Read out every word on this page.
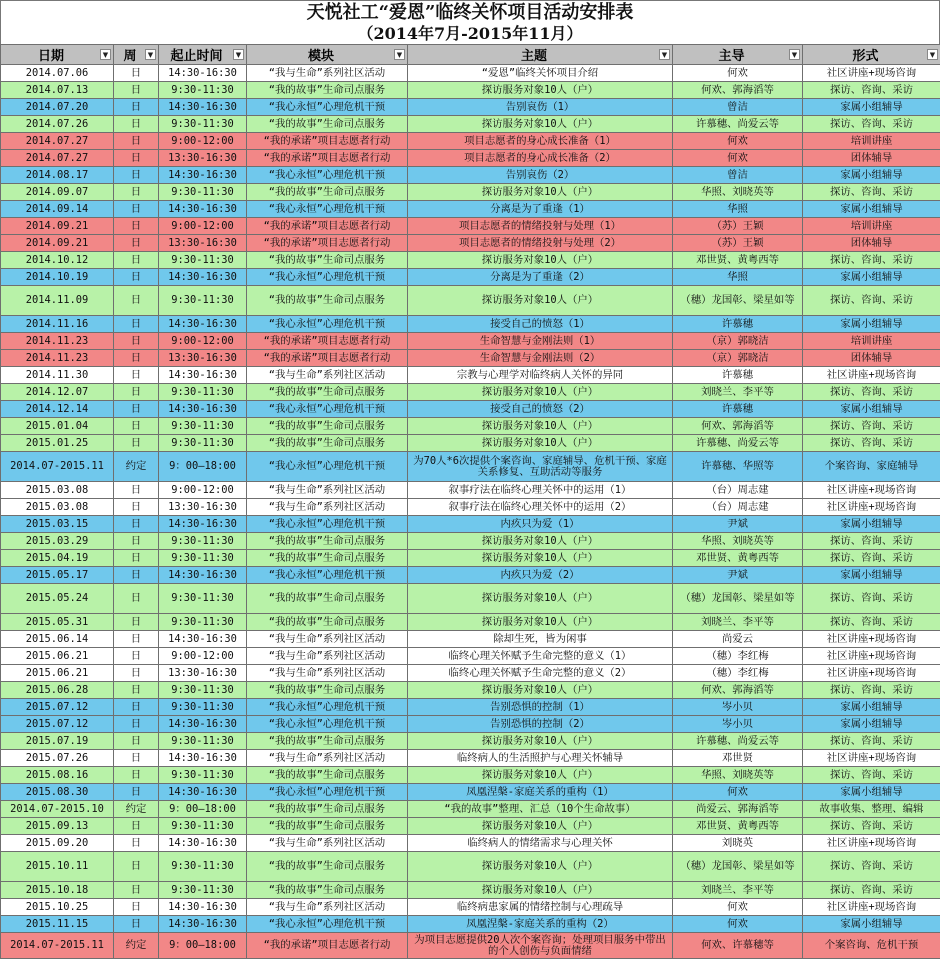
天悦社工“爱恩”临终关怀项目活动安排表
（2014年7月-2015年11月）
日期 ▼	周 ▼	起止时间 ▼	模块 ▼	主题 ▼	主导 ▼	形式 ▼

2014.07.06	日	14:30-16:30	“我与生命”系列社区活动	“爱恩”临终关怀项目介绍	何欢	社区讲座+现场咨询
2014.07.13	日	9:30-11:30	“我的故事”生命司点服务	探访服务对象10人（户）	何欢、郭海滔等	探访、咨询、采访
2014.07.20	日	14:30-16:30	“我心永恒”心理危机干预	告别哀伤（1）	曾洁	家属小组辅导
2014.07.26	日	9:30-11:30	“我的故事”生命司点服务	探访服务对象10人（户）	许慕穗、尚爱云等	探访、咨询、采访
2014.07.27	日	9:00-12:00	“我的承诺”项目志愿者行动	项目志愿者的身心成长准备（1）	何欢	培训讲座
2014.07.27	日	13:30-16:30	“我的承诺”项目志愿者行动	项目志愿者的身心成长准备（2）	何欢	团体辅导
2014.08.17	日	14:30-16:30	“我心永恒”心理危机干预	告别哀伤（2）	曾洁	家属小组辅导
2014.09.07	日	9:30-11:30	“我的故事”生命司点服务	探访服务对象10人（户）	华照、刘晓英等	探访、咨询、采访
2014.09.14	日	14:30-16:30	“我心永恒”心理危机干预	分离是为了重逢（1）	华照	家属小组辅导
2014.09.21	日	9:00-12:00	“我的承诺”项目志愿者行动	项目志愿者的情绪投射与处理（1）	（苏）王颖	培训讲座
2014.09.21	日	13:30-16:30	“我的承诺”项目志愿者行动	项目志愿者的情绪投射与处理（2）	（苏）王颖	团体辅导
2014.10.12	日	9:30-11:30	“我的故事”生命司点服务	探访服务对象10人（户）	邓世贤、黄粤西等	探访、咨询、采访
2014.10.19	日	14:30-16:30	“我心永恒”心理危机干预	分离是为了重逢（2）	华照	家属小组辅导
2014.11.09	日	9:30-11:30	“我的故事”生命司点服务	探访服务对象10人（户）	（穗）龙国彰、梁星如等	探访、咨询、采访
2014.11.16	日	14:30-16:30	“我心永恒”心理危机干预	接受自己的愤怒（1）	许慕穗	家属小组辅导
2014.11.23	日	9:00-12:00	“我的承诺”项目志愿者行动	生命智慧与金刚法则（1）	（京）郭晓洁	培训讲座
2014.11.23	日	13:30-16:30	“我的承诺”项目志愿者行动	生命智慧与金刚法则（2）	（京）郭晓洁	团体辅导
2014.11.30	日	14:30-16:30	“我与生命”系列社区活动	宗教与心理学对临终病人关怀的异同	许慕穗	社区讲座+现场咨询
2014.12.07	日	9:30-11:30	“我的故事”生命司点服务	探访服务对象10人（户）	刘晓兰、李平等	探访、咨询、采访
2014.12.14	日	14:30-16:30	“我心永恒”心理危机干预	接受自己的愤怒（2）	许慕穗	家属小组辅导
2015.01.04	日	9:30-11:30	“我的故事”生命司点服务	探访服务对象10人（户）	何欢、郭海滔等	探访、咨询、采访
2015.01.25	日	9:30-11:30	“我的故事”生命司点服务	探访服务对象10人（户）	许慕穗、尚爱云等	探访、咨询、采访
2014.07-2015.11	约定	9：00—18:00	“我心永恒”心理危机干预	为70人*6次提供个案咨询、家庭辅导、危机干预、家庭关系修复、互助活动等服务	许慕穗、华照等	个案咨询、家庭辅导
2015.03.08	日	9:00-12:00	“我与生命”系列社区活动	叙事疗法在临终心理关怀中的运用（1）	（台）周志建	社区讲座+现场咨询
2015.03.08	日	13:30-16:30	“我与生命”系列社区活动	叙事疗法在临终心理关怀中的运用（2）	（台）周志建	社区讲座+现场咨询
2015.03.15	日	14:30-16:30	“我心永恒”心理危机干预	内疚只为爱（1）	尹斌	家属小组辅导
2015.03.29	日	9:30-11:30	“我的故事”生命司点服务	探访服务对象10人（户）	华照、刘晓英等	探访、咨询、采访
2015.04.19	日	9:30-11:30	“我的故事”生命司点服务	探访服务对象10人（户）	邓世贤、黄粤西等	探访、咨询、采访
2015.05.17	日	14:30-16:30	“我心永恒”心理危机干预	内疚只为爱（2）	尹斌	家属小组辅导
2015.05.24	日	9:30-11:30	“我的故事”生命司点服务	探访服务对象10人（户）	（穗）龙国彰、梁星如等	探访、咨询、采访
2015.05.31	日	9:30-11:30	“我的故事”生命司点服务	探访服务对象10人（户）	刘晓兰、李平等	探访、咨询、采访
2015.06.14	日	14:30-16:30	“我与生命”系列社区活动	除却生死，皆为闲事	尚爱云	社区讲座+现场咨询
2015.06.21	日	9:00-12:00	“我与生命”系列社区活动	临终心理关怀赋予生命完整的意义（1）	（穗）李红梅	社区讲座+现场咨询
2015.06.21	日	13:30-16:30	“我与生命”系列社区活动	临终心理关怀赋予生命完整的意义（2）	（穗）李红梅	社区讲座+现场咨询
2015.06.28	日	9:30-11:30	“我的故事”生命司点服务	探访服务对象10人（户）	何欢、郭海滔等	探访、咨询、采访
2015.07.12	日	9:30-11:30	“我心永恒”心理危机干预	告别恐惧的控制（1）	岑小贝	家属小组辅导
2015.07.12	日	14:30-16:30	“我心永恒”心理危机干预	告别恐惧的控制（2）	岑小贝	家属小组辅导
2015.07.19	日	9:30-11:30	“我的故事”生命司点服务	探访服务对象10人（户）	许慕穗、尚爱云等	探访、咨询、采访
2015.07.26	日	14:30-16:30	“我与生命”系列社区活动	临终病人的生活照护与心理关怀辅导	邓世贤	社区讲座+现场咨询
2015.08.16	日	9:30-11:30	“我的故事”生命司点服务	探访服务对象10人（户）	华照、刘晓英等	探访、咨询、采访
2015.08.30	日	14:30-16:30	“我心永恒”心理危机干预	凤凰涅槃-家庭关系的重构（1）	何欢	家属小组辅导
2014.07-2015.10	约定	9：00—18:00	“我的故事”生命司点服务	“我的故事”整理、汇总（10个生命故事）	尚爱云、郭海滔等	故事收集、整理、编辑
2015.09.13	日	9:30-11:30	“我的故事”生命司点服务	探访服务对象10人（户）	邓世贤、黄粤西等	探访、咨询、采访
2015.09.20	日	14:30-16:30	“我与生命”系列社区活动	临终病人的情绪需求与心理关怀	刘晓英	社区讲座+现场咨询
2015.10.11	日	9:30-11:30	“我的故事”生命司点服务	探访服务对象10人（户）	（穗）龙国彰、梁星如等	探访、咨询、采访
2015.10.18	日	9:30-11:30	“我的故事”生命司点服务	探访服务对象10人（户）	刘晓兰、李平等	探访、咨询、采访
2015.10.25	日	14:30-16:30	“我与生命”系列社区活动	临终病患家属的情绪控制与心理疏导	何欢	社区讲座+现场咨询
2015.11.15	日	14:30-16:30	“我心永恒”心理危机干预	凤凰涅槃-家庭关系的重构（2）	何欢	家属小组辅导
2014.07-2015.11	约定	9：00—18:00	“我的承诺”项目志愿者行动	为项目志愿提供20人次个案咨询；处理项目服务中带出的个人创伤与负面情绪	何欢、许慕穗等	个案咨询、危机干预
